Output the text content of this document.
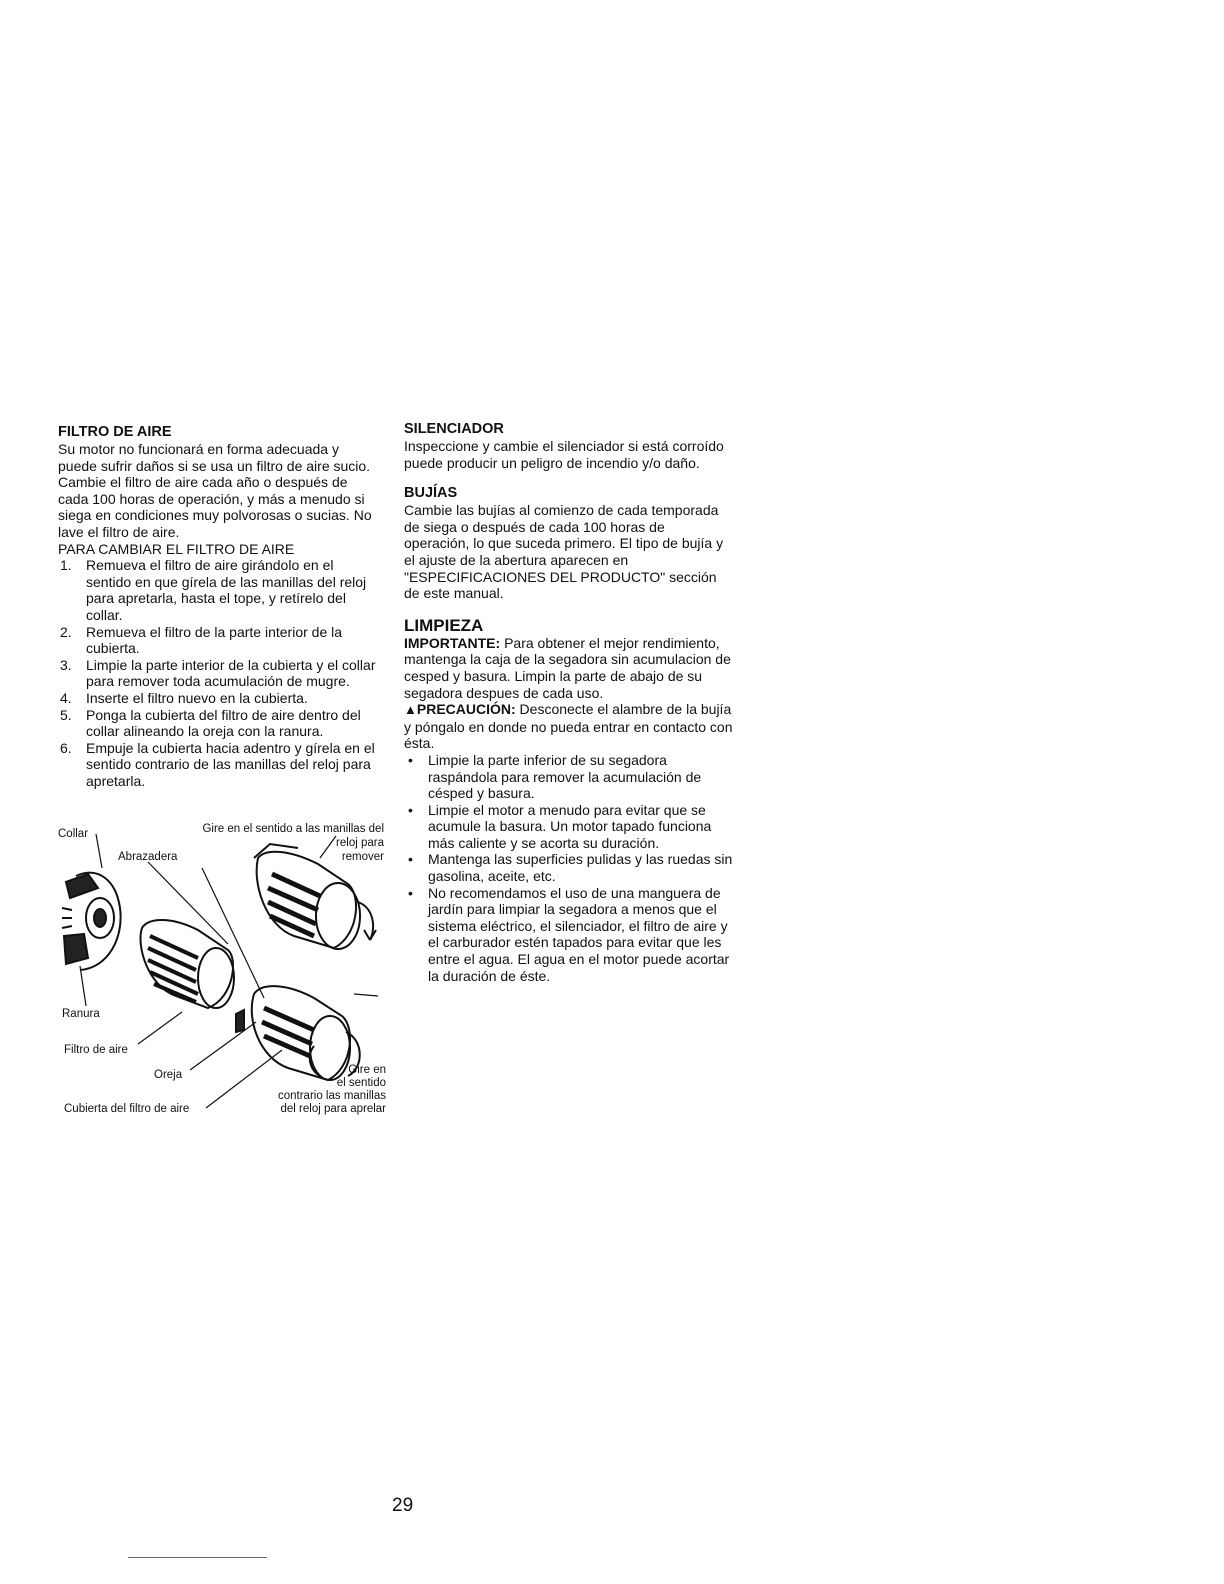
FILTRO DE AIRE

Su motor no funcionará en forma adecuada y puede sufrir daños si se usa un filtro de aire sucio.

Cambie el filtro de aire cada año o después de cada 100 horas de operación, y más a menudo si siega en condiciones muy polvorosas o sucias. No lave el filtro de aire.

PARA CAMBIAR EL FILTRO DE AIRE

1. Remueva el filtro de aire girándolo en el sentido en que gírela de las manillas del reloj para apretarla, hasta el tope, y retírelo del collar.
2. Remueva el filtro de la parte interior de la cubierta.
3. Limpie la parte interior de la cubierta y el collar para remover toda acumulación de mugre.
4. Inserte el filtro nuevo en la cubierta.
5. Ponga la cubierta del filtro de aire dentro del collar alineando la oreja con la ranura.
6. Empuje la cubierta hacia adentro y gírela en el sentido contrario de las manillas del reloj para apretarla.
Collar	Gire en el sentido a las manillas del
reloj para
remover
Abrazadera
Ranura
Filtro de aire
Oreja
Cubierta del filtro de aire
Gire en
el sentido
contrario las manillas
del reloj para aprelar
SILENCIADOR

Inspeccione y cambie el silenciador si está corroído puede producir un peligro de incendio y/o daño.

BUJÍAS

Cambie las bujías al comienzo de cada temporada de siega o después de cada 100 horas de operación, lo que suceda primero. El tipo de bujía y el ajuste de la abertura aparecen en "ESPECIFICACIONES DEL PRODUCTO" sección de este manual.

LIMPIEZA

IMPORTANTE: Para obtener el mejor rendimiento, mantenga la caja de la segadora sin acumulacion de cesped y basura. Limpin la parte de abajo de su segadora despues de cada uso.

▲PRECAUCIÓN: Desconecte el alambre de la bujía y póngalo en donde no pueda entrar en contacto con ésta.

• Limpie la parte inferior de su segadora raspándola para remover la acumulación de césped y basura.
• Limpie el motor a menudo para evitar que se acumule la basura. Un motor tapado funciona más caliente y se acorta su duración.
• Mantenga las superficies pulidas y las ruedas sin gasolina, aceite, etc.
• No recomendamos el uso de una manguera de jardín para limpiar la segadora a menos que el sistema eléctrico, el silenciador, el filtro de aire y el carburador estén tapados para evitar que les entre el agua. El agua en el motor puede acortar la duración de éste.
29
